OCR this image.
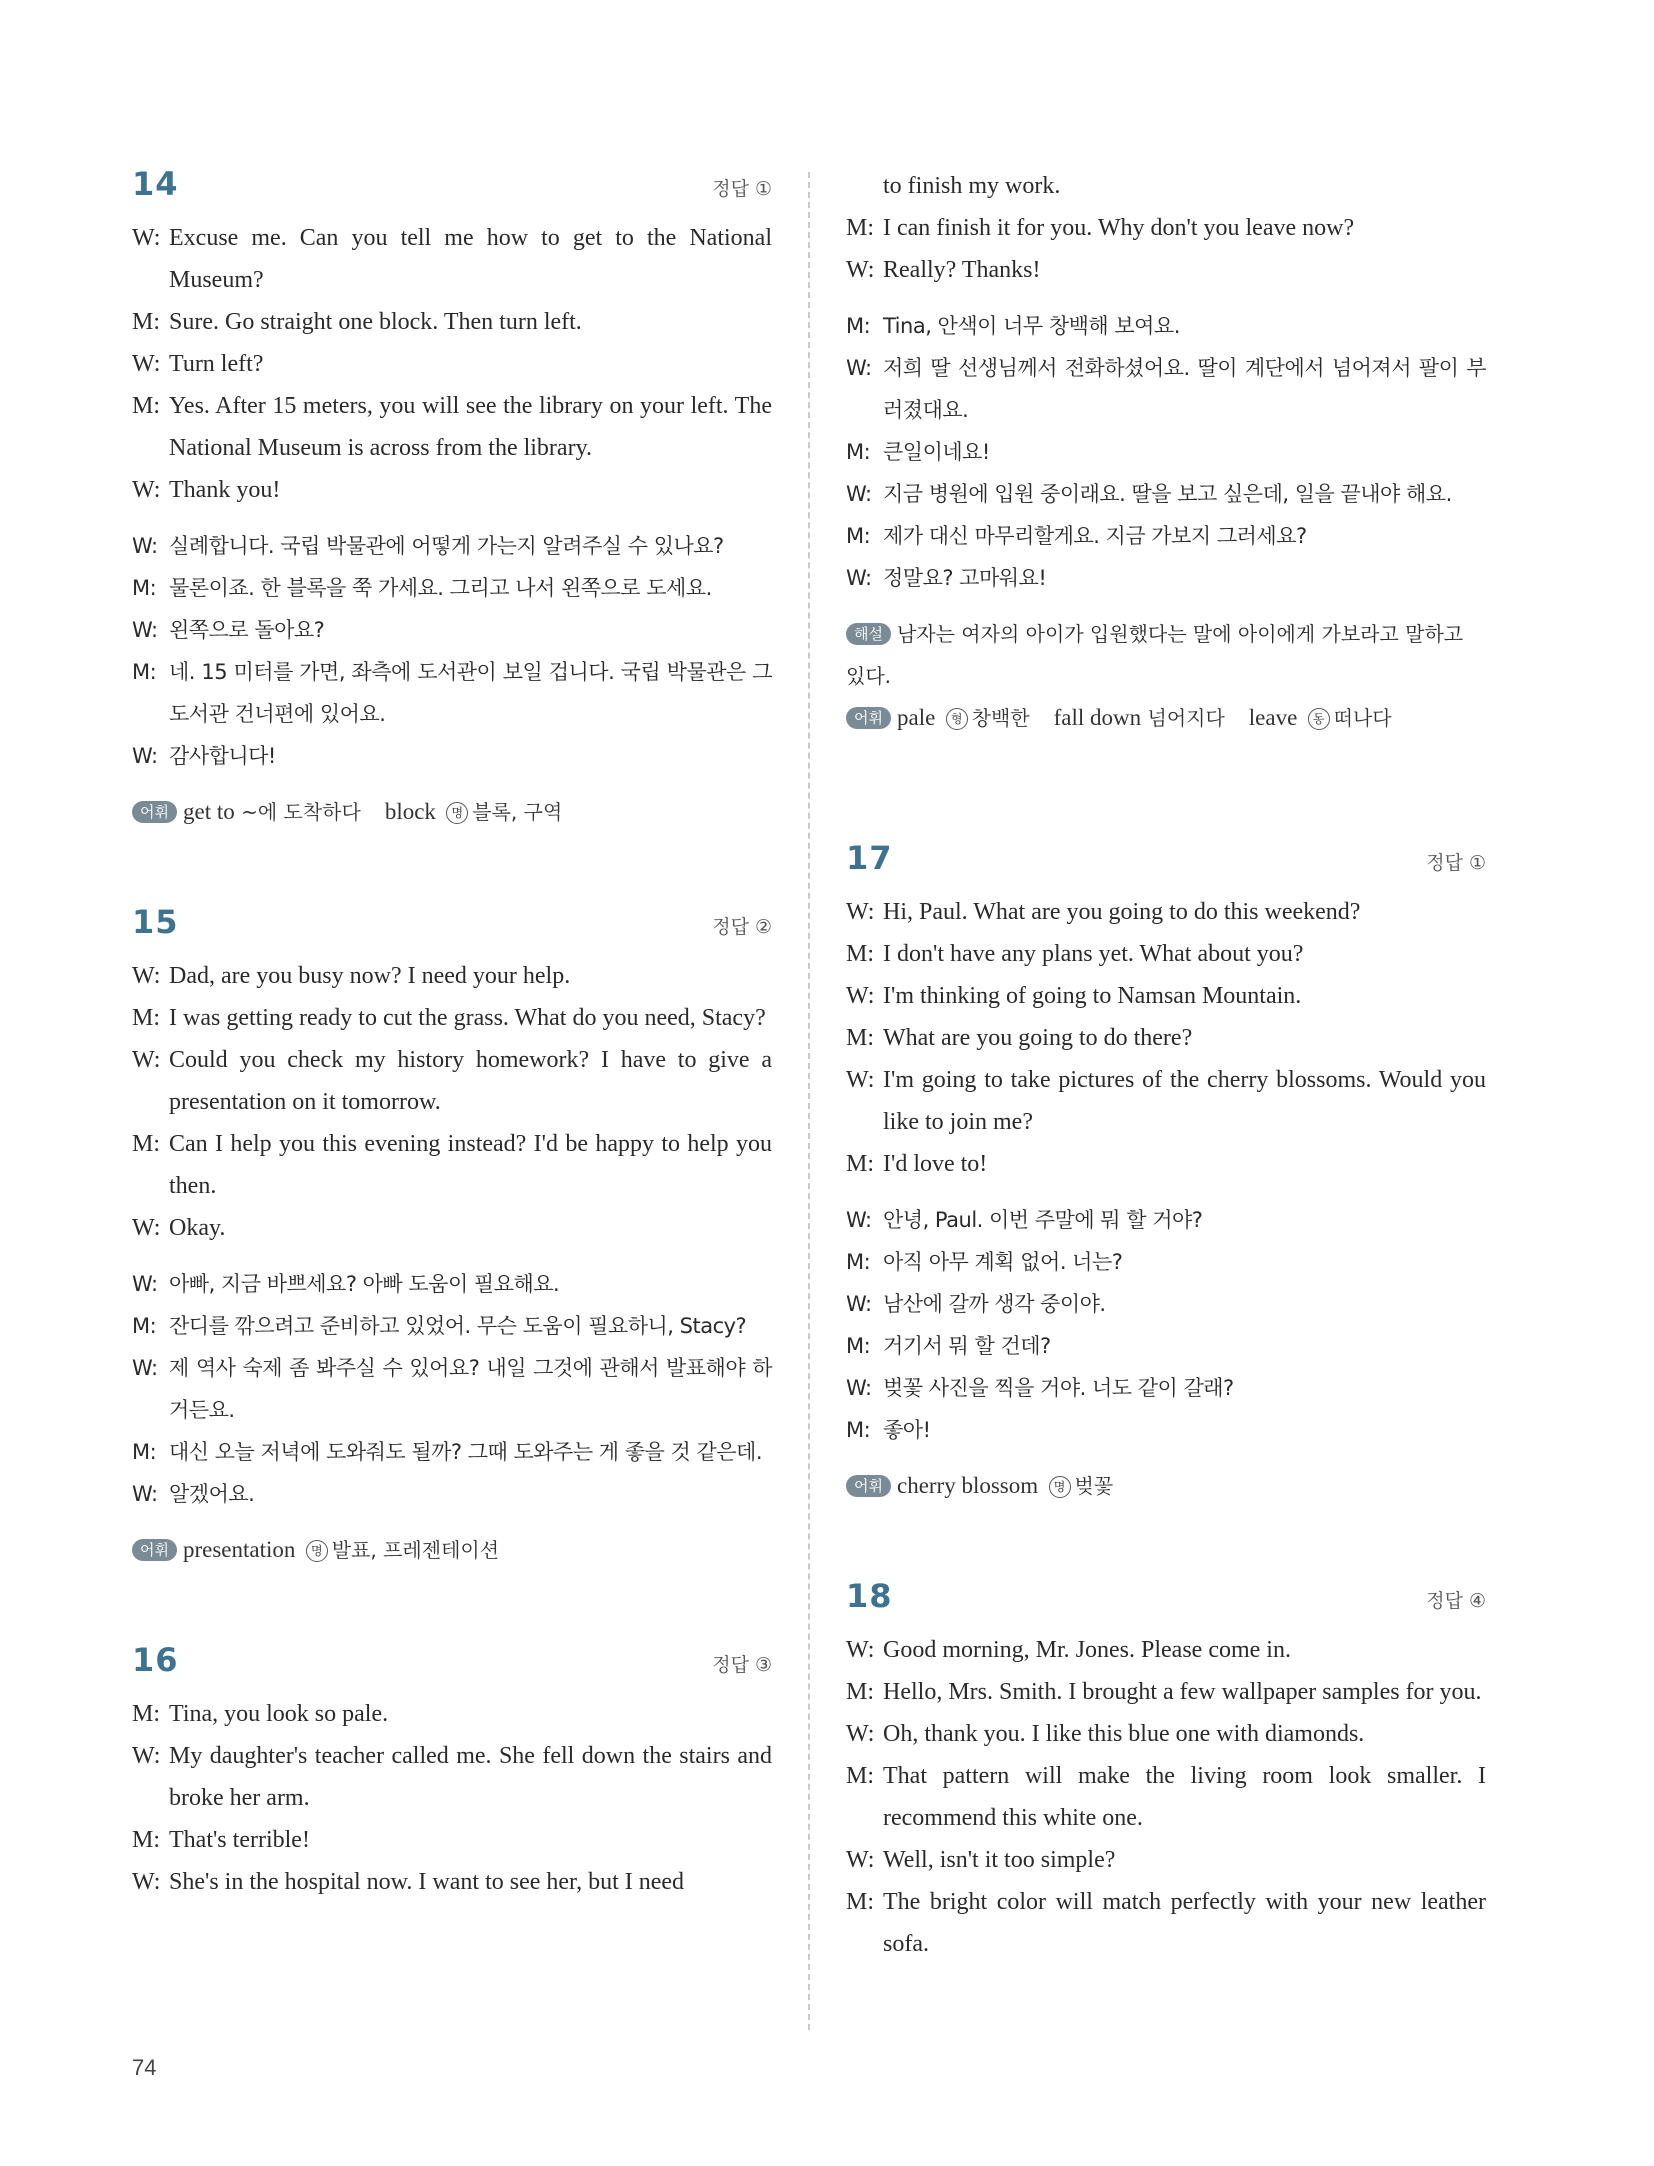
14	정답 ①
W: Excuse me. Can you tell me how to get to the National Museum?
M: Sure. Go straight one block. Then turn left.
W: Turn left?
M: Yes. After 15 meters, you will see the library on your left. The National Museum is across from the library.
W: Thank you!
W: 실례합니다. 국립 박물관에 어떻게 가는지 알려주실 수 있나요?
M: 물론이죠. 한 블록을 쭉 가세요. 그리고 나서 왼쪽으로 도세요.
W: 왼쪽으로 돌아요?
M: 네. 15 미터를 가면, 좌측에 도서관이 보일 겁니다. 국립 박물관은 그 도서관 건너편에 있어요.
W: 감사합니다!
어휘 get to ~에 도착하다 block 명 블록, 구역
15	정답 ②
W: Dad, are you busy now? I need your help.
M: I was getting ready to cut the grass. What do you need, Stacy?
W: Could you check my history homework? I have to give a presentation on it tomorrow.
M: Can I help you this evening instead? I'd be happy to help you then.
W: Okay.
W: 아빠, 지금 바쁘세요? 아빠 도움이 필요해요.
M: 잔디를 깎으려고 준비하고 있었어. 무슨 도움이 필요하니, Stacy?
W: 제 역사 숙제 좀 봐주실 수 있어요? 내일 그것에 관해서 발표해야 하거든요.
M: 대신 오늘 저녁에 도와줘도 될까? 그때 도와주는 게 좋을 것 같은데.
W: 알겠어요.
어휘 presentation 명 발표, 프레젠테이션
16	정답 ③
M: Tina, you look so pale.
W: My daughter's teacher called me. She fell down the stairs and broke her arm.
M: That's terrible!
W: She's in the hospital now. I want to see her, but I need
to finish my work.
M: I can finish it for you. Why don't you leave now?
W: Really? Thanks!
M: Tina, 안색이 너무 창백해 보여요.
W: 저희 딸 선생님께서 전화하셨어요. 딸이 계단에서 넘어져서 팔이 부러졌대요.
M: 큰일이네요!
W: 지금 병원에 입원 중이래요. 딸을 보고 싶은데, 일을 끝내야 해요.
M: 제가 대신 마무리할게요. 지금 가보지 그러세요?
W: 정말요? 고마워요!
해설 남자는 여자의 아이가 입원했다는 말에 아이에게 가보라고 말하고 있다.
어휘 pale 형 창백한 fall down 넘어지다 leave 동 떠나다
17	정답 ①
W: Hi, Paul. What are you going to do this weekend?
M: I don't have any plans yet. What about you?
W: I'm thinking of going to Namsan Mountain.
M: What are you going to do there?
W: I'm going to take pictures of the cherry blossoms. Would you like to join me?
M: I'd love to!
W: 안녕, Paul. 이번 주말에 뭐 할 거야?
M: 아직 아무 계획 없어. 너는?
W: 남산에 갈까 생각 중이야.
M: 거기서 뭐 할 건데?
W: 벚꽃 사진을 찍을 거야. 너도 같이 갈래?
M: 좋아!
어휘 cherry blossom 명 벚꽃
18	정답 ④
W: Good morning, Mr. Jones. Please come in.
M: Hello, Mrs. Smith. I brought a few wallpaper samples for you.
W: Oh, thank you. I like this blue one with diamonds.
M: That pattern will make the living room look smaller. I recommend this white one.
W: Well, isn't it too simple?
M: The bright color will match perfectly with your new leather sofa.
74
